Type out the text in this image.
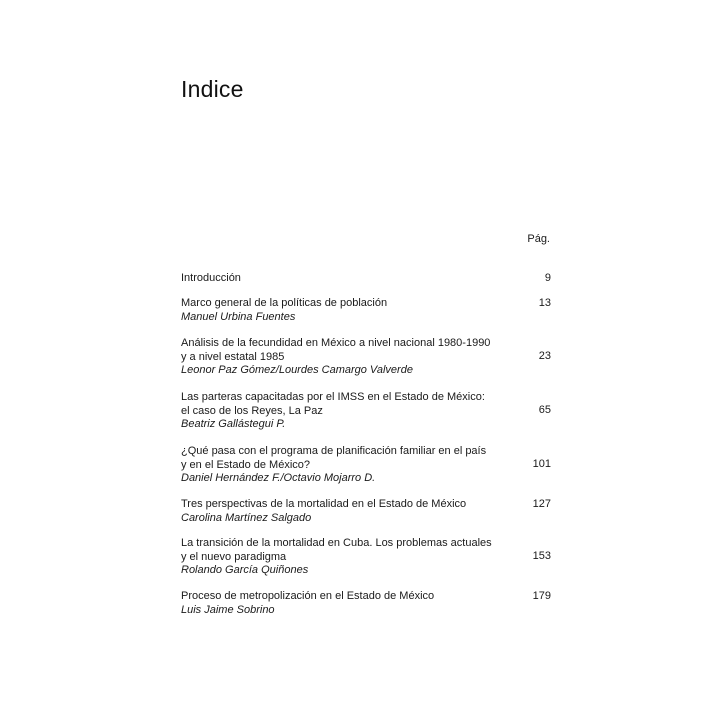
Indice
Pág.
Introducción	9
Marco general de la políticas de población
Manuel Urbina Fuentes
13
Análisis de la fecundidad en México a nivel nacional 1980-1990
y a nivel estatal 1985
Leonor Paz Gómez/Lourdes Camargo Valverde
23
Las parteras capacitadas por el IMSS en el Estado de México:
el caso de los Reyes, La Paz
Beatriz Gallástegui P.
65
¿Qué pasa con el programa de planificación familiar en el país
y en el Estado de México?
Daniel Hernández F./Octavio Mojarro D.
101
Tres perspectivas de la mortalidad en el Estado de México
Carolina Martínez Salgado
127
La transición de la mortalidad en Cuba. Los problemas actuales
y el nuevo paradigma
Rolando García Quiñones
153
Proceso de metropolización en el Estado de México
Luis Jaime Sobrino
179
